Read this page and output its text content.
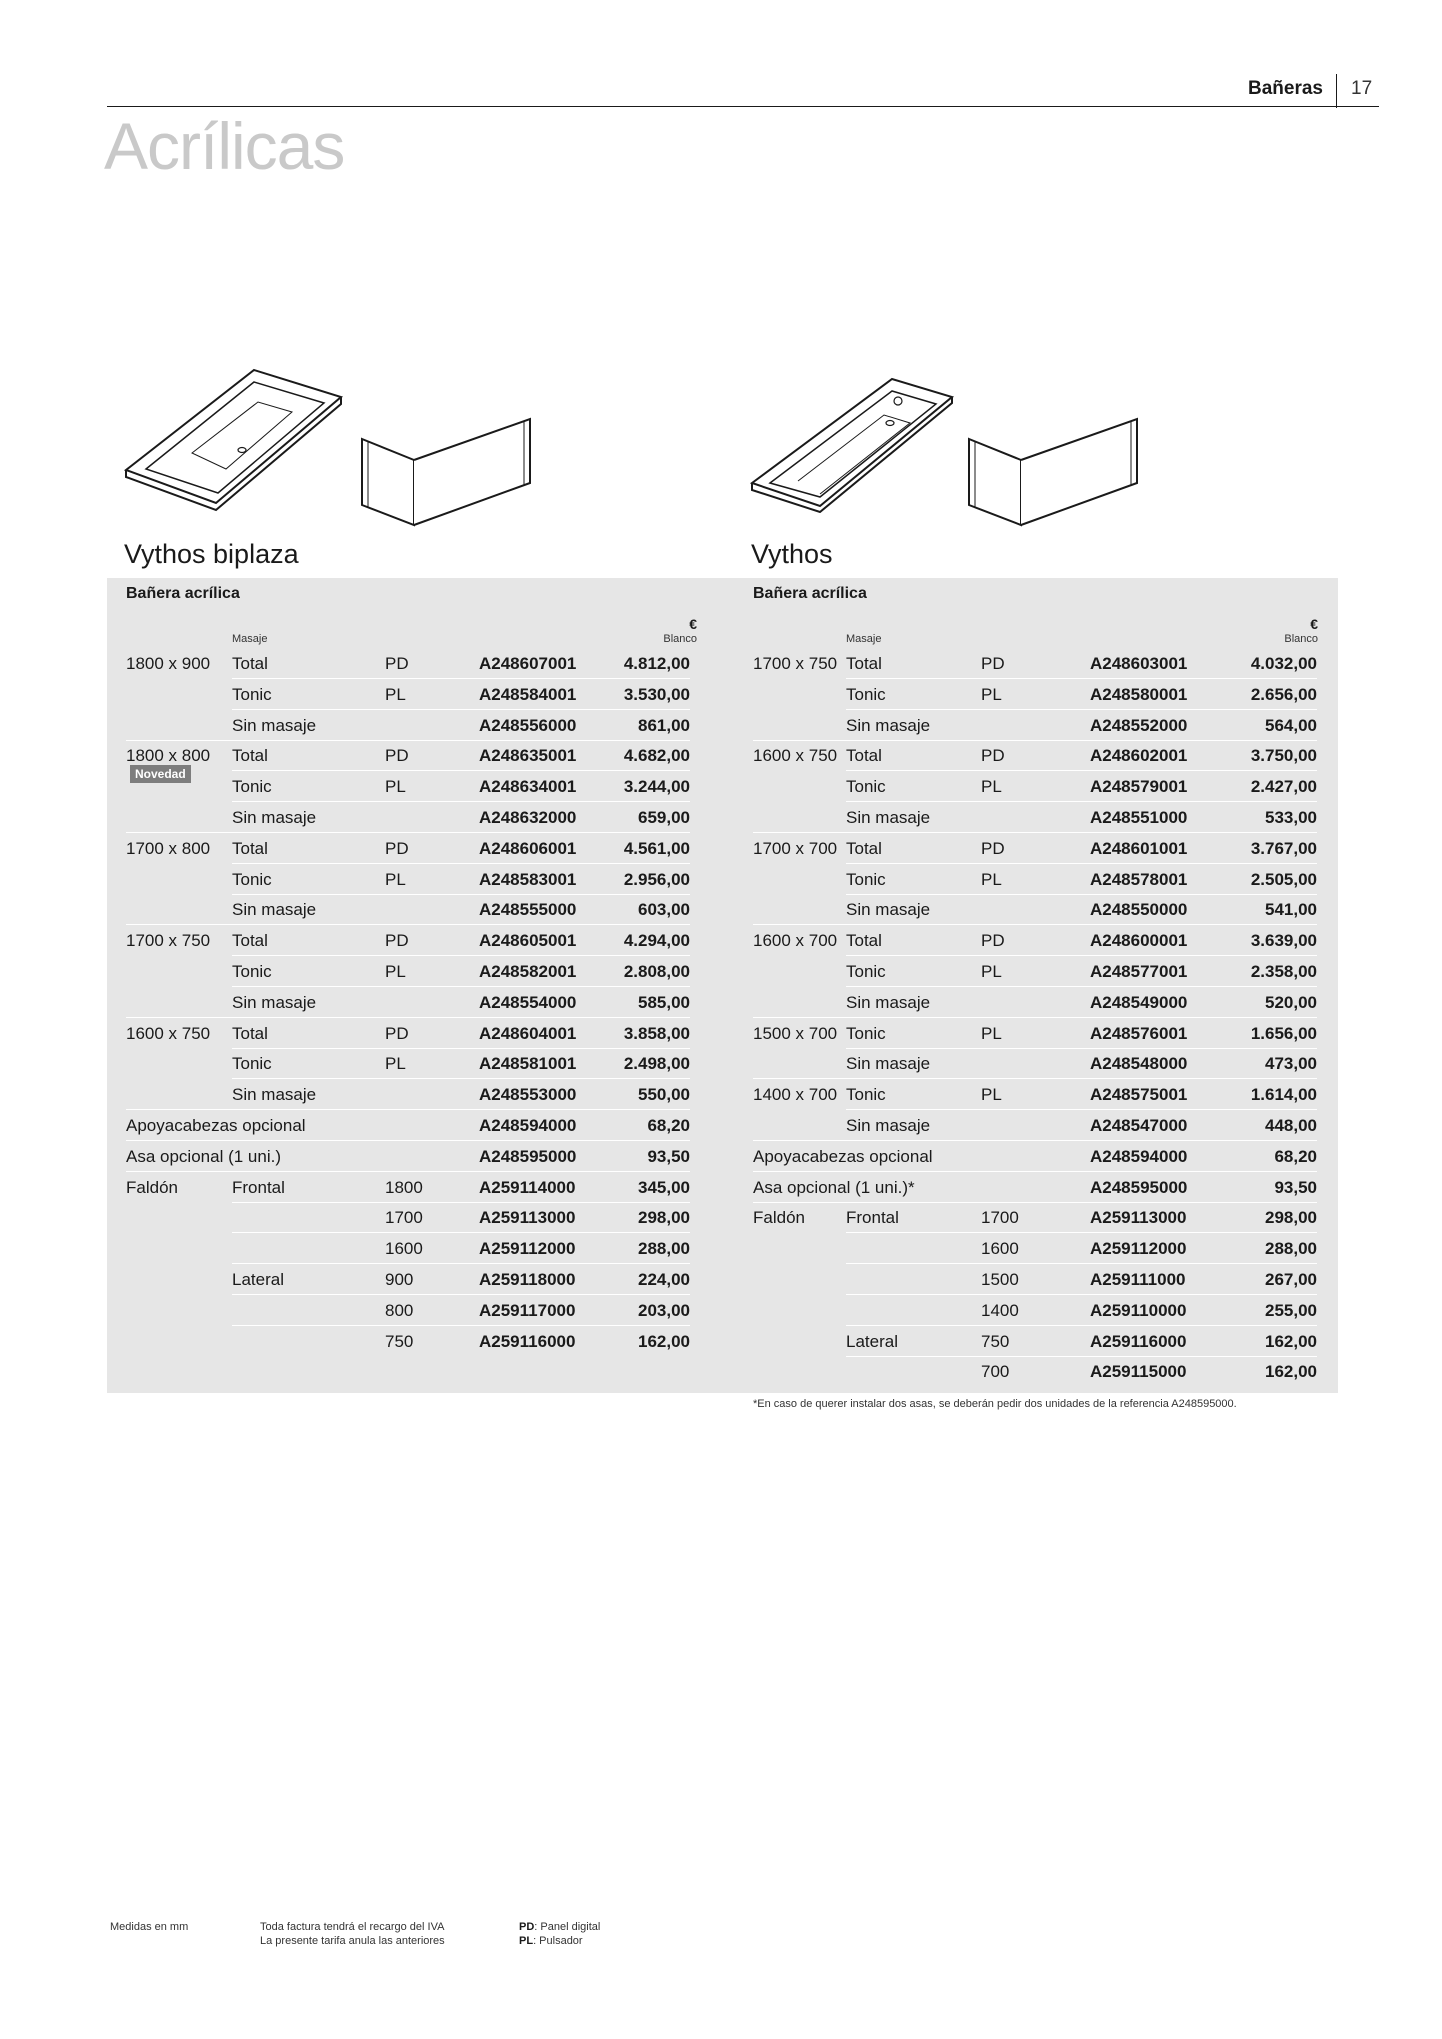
Bañeras 17
Acrílicas
Vythos biplaza	Vythos
Bañera acrílica
Masaje
€
Blanco
1800 x 900 Total	PD	A248607001	4.812,00
Tonic	PL	A248584001	3.530,00
Sin masaje	A248556000	861,00
1800 x 800 Total	PD	A248635001	4.682,00
Tonic	PL	A248634001	3.244,00
Novedad
Sin masaje	A248632000	659,00
1700 x 800 Total	PD	A248606001	4.561,00
Tonic	PL	A248583001	2.956,00
Sin masaje	A248555000	603,00
1700 x 750 Total	PD	A248605001	4.294,00
Tonic	PL	A248582001	2.808,00
Sin masaje	A248554000	585,00
1600 x 750 Total	PD	A248604001	3.858,00
Tonic	PL	A248581001	2.498,00
Sin masaje	A248553000	550,00
Apoyacabezas opcional	A248594000	68,20
Asa opcional (1 uni.)	A248595000	93,50
Faldón	Frontal	1800	A259114000	345,00
1700	A259113000	298,00
1600	A259112000	288,00
Lateral	900	A259118000	224,00
800	A259117000	203,00
750	A259116000	162,00
Bañera acrílica
Masaje
€
Blanco
1700 x 750 Total	PD	A248603001	4.032,00
Tonic	PL	A248580001	2.656,00
Sin masaje	A248552000	564,00
1600 x 750 Total	PD	A248602001	3.750,00
Tonic	PL	A248579001	2.427,00
Sin masaje	A248551000	533,00
1700 x 700 Total	PD	A248601001	3.767,00
Tonic	PL	A248578001	2.505,00
Sin masaje	A248550000	541,00
1600 x 700 Total	PD	A248600001	3.639,00
Tonic	PL	A248577001	2.358,00
Sin masaje	A248549000	520,00
1500 x 700 Tonic	PL	A248576001	1.656,00
Sin masaje	A248548000	473,00
1400 x 700 Tonic	PL	A248575001	1.614,00
Sin masaje	A248547000	448,00
Apoyacabezas opcional	A248594000	68,20
Asa opcional (1 uni.)*	A248595000	93,50
Faldón Frontal	1700	A259113000	298,00
1600	A259112000	288,00
1500	A259111000	267,00
1400	A259110000	255,00
Lateral	750	A259116000	162,00
700	A259115000	162,00
*En caso de querer instalar dos asas, se deberán pedir dos unidades de la referencia A248595000.
Medidas en mm	Toda factura tendrá el recargo del IVA
La presente tarifa anula las anteriores
PD: Panel digital
PL: Pulsador
